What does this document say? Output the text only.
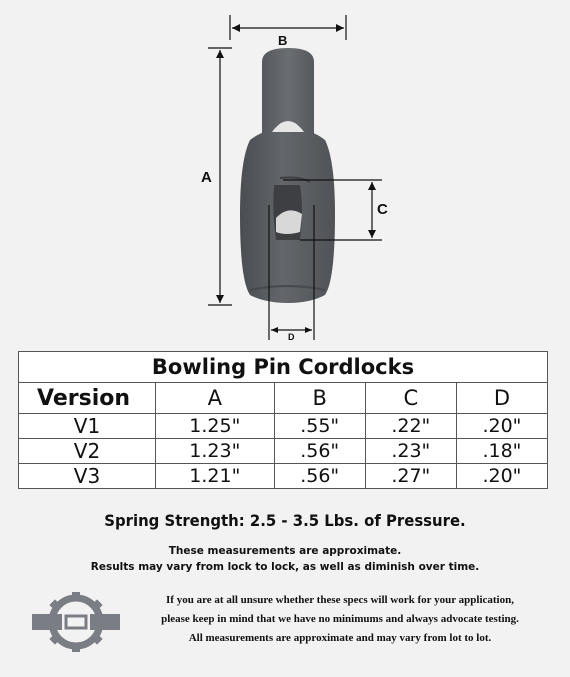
B
A
C
D
Bowling Pin Cordlocks				
Version	A	B	C	D
V1	1.25"	.55"	.22"	.20"
V2	1.23"	.56"	.23"	.18"
V3	1.21"	.56"	.27"	.20"
Spring Strength: 2.5 - 3.5 Lbs. of Pressure.
These measurements are approximate.
Results may vary from lock to lock, as well as diminish over time.
If you are at all unsure whether these specs will work for your application,
please keep in mind that we have no minimums and always advocate testing.
All measurements are approximate and may vary from lot to lot.
